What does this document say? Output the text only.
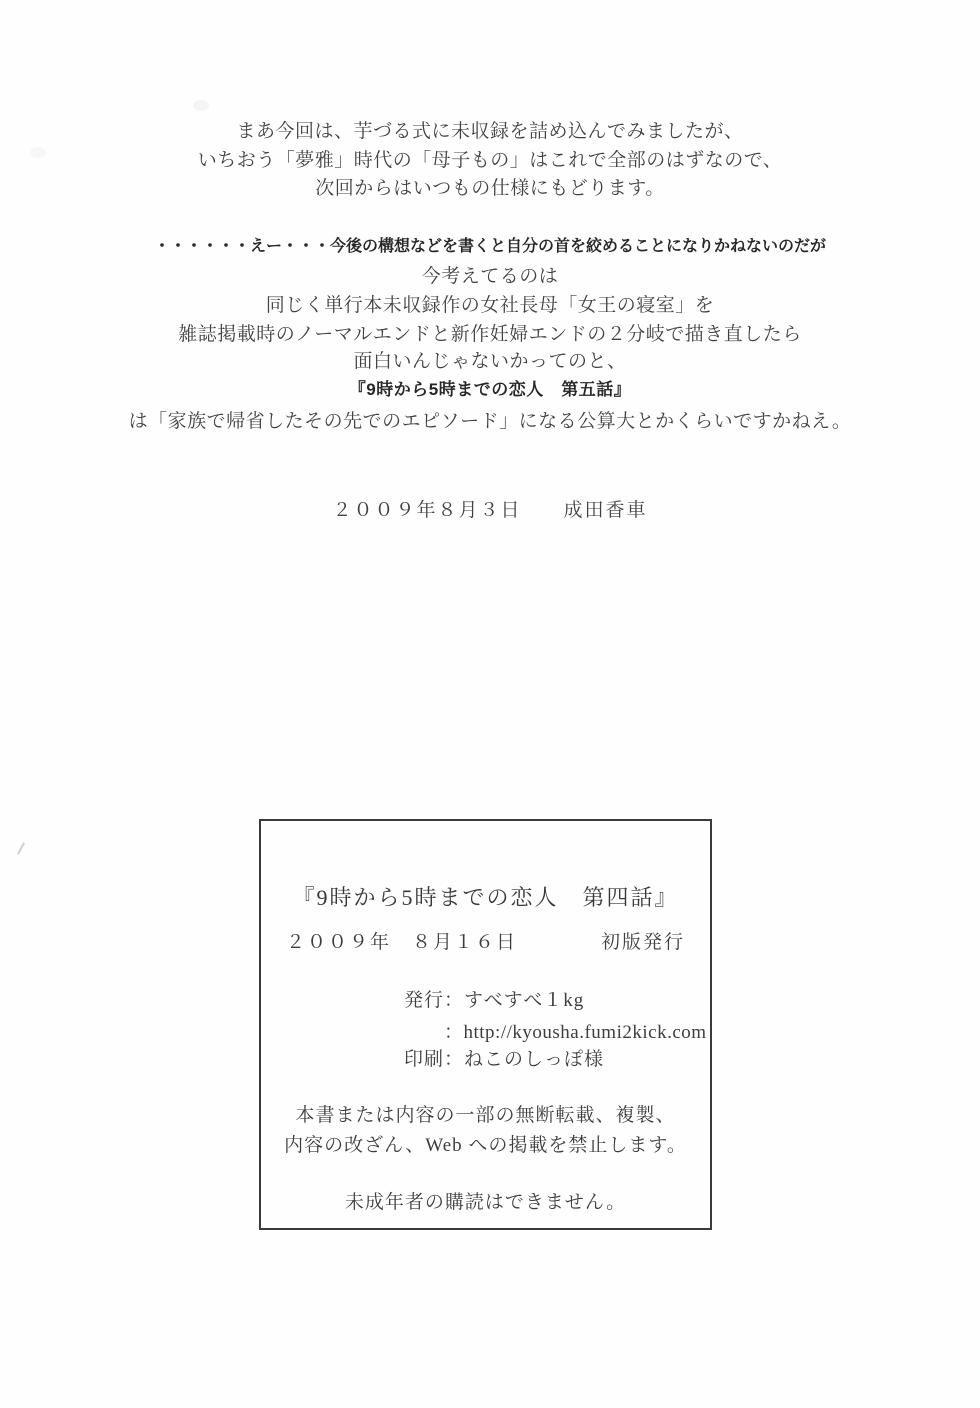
まあ今回は、芋づる式に未収録を詰め込んでみましたが、
いちおう「夢雅」時代の「母子もの」はこれで全部のはずなので、
次回からはいつもの仕様にもどります。
・・・・・・えー・・・今後の構想などを書くと自分の首を絞めることになりかねないのだが
今考えてるのは
同じく単行本未収録作の女社長母「女王の寝室」を
雑誌掲載時のノーマルエンドと新作妊婦エンドの２分岐で描き直したら
面白いんじゃないかってのと、
『9時から5時までの恋人　第五話』
は「家族で帰省したその先でのエピソード」になる公算大とかくらいですかねえ。
２００９年８月３日　　成田香車
『9時から5時までの恋人　第四話』
２００９年　８月１６日　　　　初版発行
発行：すべすべ１kg
：http://kyousha.fumi2kick.com
印刷：ねこのしっぽ様
本書または内容の一部の無断転載、複製、
内容の改ざん、Web への掲載を禁止します。
未成年者の購読はできません。
